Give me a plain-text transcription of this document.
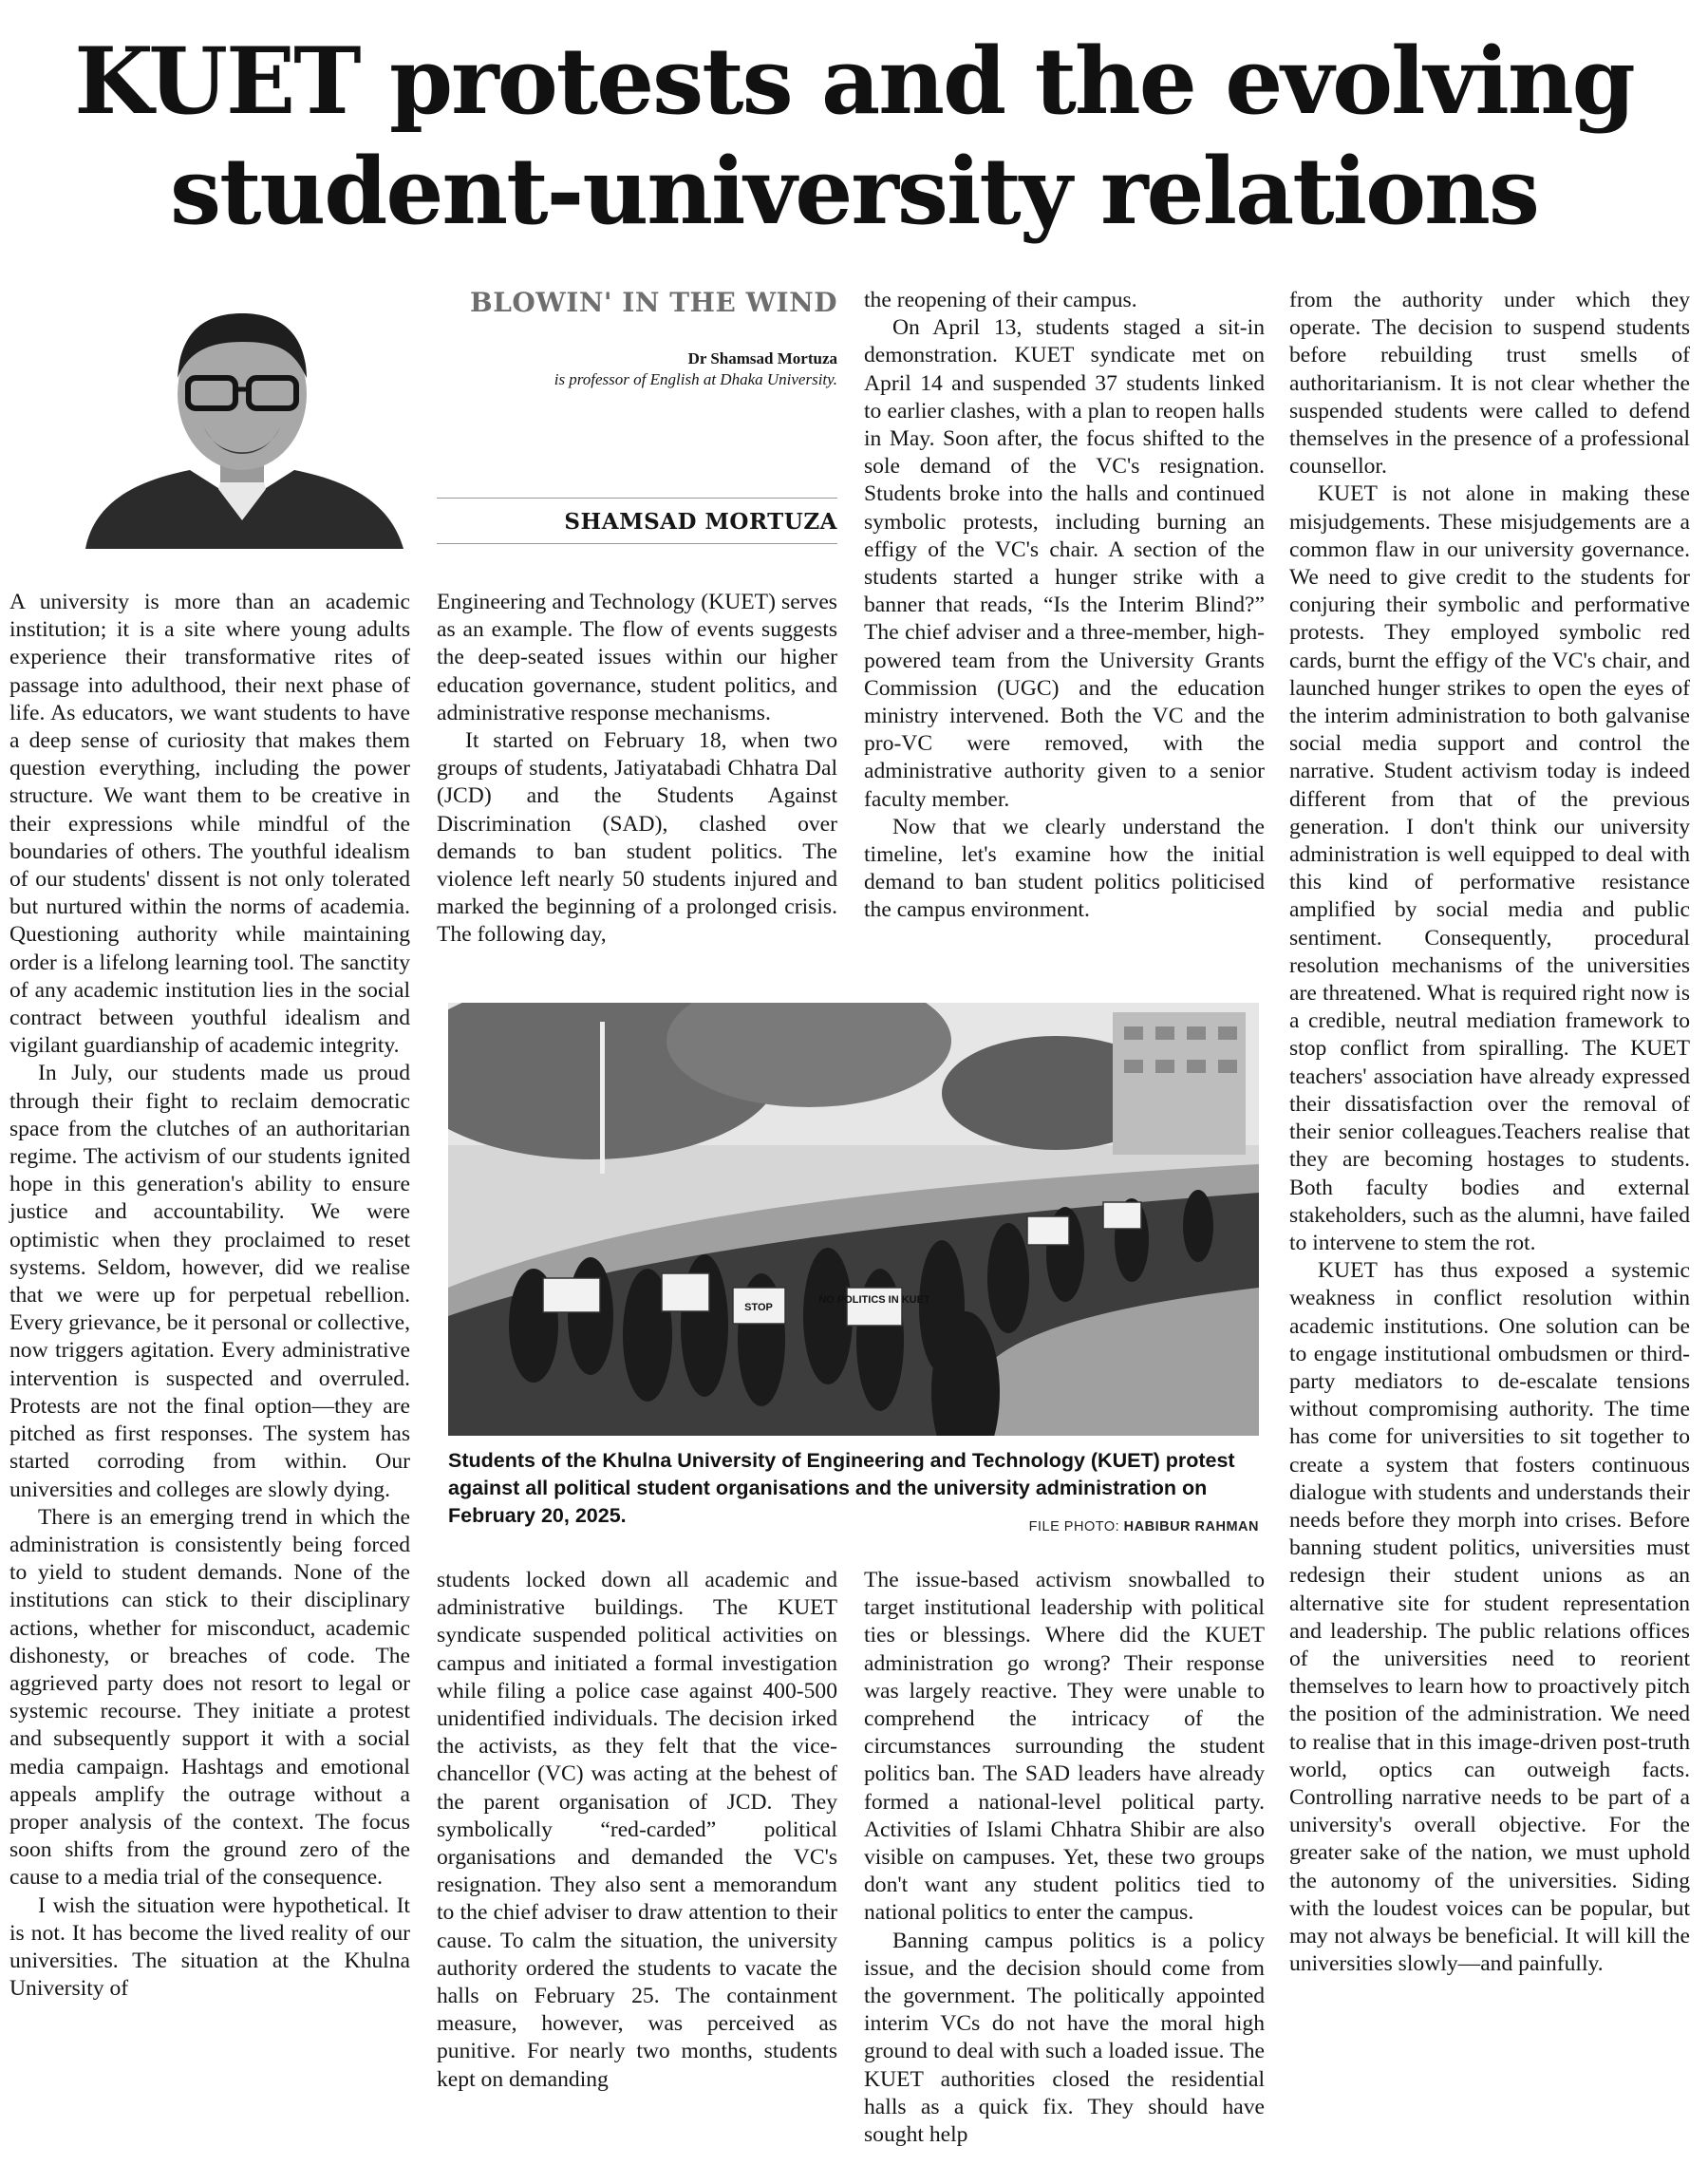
KUET protests and the evolving
student-university relations
BLOWIN' IN THE WIND
Dr Shamsad Mortuza
is professor of English at Dhaka University.
SHAMSAD MORTUZA

A university is more than an academic institution; it is a site where young adults experience their transformative rites of passage into adulthood, their next phase of life. As educators, we want students to have a deep sense of curiosity that makes them question everything, including the power structure. We want them to be creative in their expressions while mindful of the boundaries of others. The youthful idealism of our students' dissent is not only tolerated but nurtured within the norms of academia. Questioning authority while maintaining order is a lifelong learning tool. The sanctity of any academic institution lies in the social contract between youthful idealism and vigilant guardianship of academic integrity.

In July, our students made us proud through their fight to reclaim democratic space from the clutches of an authoritarian regime. The activism of our students ignited hope in this generation's ability to ensure justice and accountability. We were optimistic when they proclaimed to reset systems. Seldom, however, did we realise that we were up for perpetual rebellion. Every grievance, be it personal or collective, now triggers agitation. Every administrative intervention is suspected and overruled. Protests are not the final option—they are pitched as first responses. The system has started corroding from within. Our universities and colleges are slowly dying.

There is an emerging trend in which the administration is consistently being forced to yield to student demands. None of the institutions can stick to their disciplinary actions, whether for misconduct, academic dishonesty, or breaches of code. The aggrieved party does not resort to legal or systemic recourse. They initiate a protest and subsequently support it with a social media campaign. Hashtags and emotional appeals amplify the outrage without a proper analysis of the context. The focus soon shifts from the ground zero of the cause to a media trial of the consequence.

I wish the situation were hypothetical. It is not. It has become the lived reality of our universities. The situation at the Khulna University of

Engineering and Technology (KUET) serves as an example. The flow of events suggests the deep-seated issues within our higher education governance, student politics, and administrative response mechanisms.

It started on February 18, when two groups of students, Jatiyatabadi Chhatra Dal (JCD) and the Students Against Discrimination (SAD), clashed over demands to ban student politics. The violence left nearly 50 students injured and marked the beginning of a prolonged crisis. The following day,

the reopening of their campus.

On April 13, students staged a sit-in demonstration. KUET syndicate met on April 14 and suspended 37 students linked to earlier clashes, with a plan to reopen halls in May. Soon after, the focus shifted to the sole demand of the VC's resignation. Students broke into the halls and continued symbolic protests, including burning an effigy of the VC's chair. A section of the students started a hunger strike with a banner that reads, “Is the Interim Blind?” The chief adviser and a three-member, high-powered team from the University Grants Commission (UGC) and the education ministry intervened. Both the VC and the pro-VC were removed, with the administrative authority given to a senior faculty member.

Now that we clearly understand the timeline, let's examine how the initial demand to ban student politics politicised the campus environment.

from the authority under which they operate. The decision to suspend students before rebuilding trust smells of authoritarianism. It is not clear whether the suspended students were called to defend themselves in the presence of a professional counsellor.

KUET is not alone in making these misjudgements. These misjudgements are a common flaw in our university governance. We need to give credit to the students for conjuring their symbolic and performative protests. They employed symbolic red cards, burnt the effigy of the VC's chair, and launched hunger strikes to open the eyes of the interim administration to both galvanise social media support and control the narrative. Student activism today is indeed different from that of the previous generation. I don't think our university administration is well equipped to deal with this kind of performative resistance amplified by social media and public sentiment. Consequently, procedural resolution mechanisms of the universities are threatened. What is required right now is a credible, neutral mediation framework to stop conflict from spiralling. The KUET teachers' association have already expressed their dissatisfaction over the removal of their senior colleagues.Teachers realise that they are becoming hostages to students. Both faculty bodies and external stakeholders, such as the alumni, have failed to intervene to stem the rot.

KUET has thus exposed a systemic weakness in conflict resolution within academic institutions. One solution can be to engage institutional ombudsmen or third-party mediators to de-escalate tensions without compromising authority. The time has come for universities to sit together to create a system that fosters continuous dialogue with students and understands their needs before they morph into crises. Before banning student politics, universities must redesign their student unions as an alternative site for student representation and leadership. The public relations offices of the universities need to reorient themselves to learn how to proactively pitch the position of the administration. We need to realise that in this image-driven post-truth world, optics can outweigh facts. Controlling narrative needs to be part of a university's overall objective. For the greater sake of the nation, we must uphold the autonomy of the universities. Siding with the loudest voices can be popular, but may not always be beneficial. It will kill the universities slowly—and painfully.

NO POLITICS IN KUET
STOP
Students of the Khulna University of Engineering and Technology (KUET) protest against all political student organisations and the university administration on February 20, 2025.	FILE PHOTO: HABIBUR RAHMAN

students locked down all academic and administrative buildings. The KUET syndicate suspended political activities on campus and initiated a formal investigation while filing a police case against 400-500 unidentified individuals. The decision irked the activists, as they felt that the vice-chancellor (VC) was acting at the behest of the parent organisation of JCD. They symbolically “red-carded” political organisations and demanded the VC's resignation. They also sent a memorandum to the chief adviser to draw attention to their cause. To calm the situation, the university authority ordered the students to vacate the halls on February 25. The containment measure, however, was perceived as punitive. For nearly two months, students kept on demanding

The issue-based activism snowballed to target institutional leadership with political ties or blessings. Where did the KUET administration go wrong? Their response was largely reactive. They were unable to comprehend the intricacy of the circumstances surrounding the student politics ban. The SAD leaders have already formed a national-level political party. Activities of Islami Chhatra Shibir are also visible on campuses. Yet, these two groups don't want any student politics tied to national politics to enter the campus.

Banning campus politics is a policy issue, and the decision should come from the government. The politically appointed interim VCs do not have the moral high ground to deal with such a loaded issue. The KUET authorities closed the residential halls as a quick fix. They should have sought help
